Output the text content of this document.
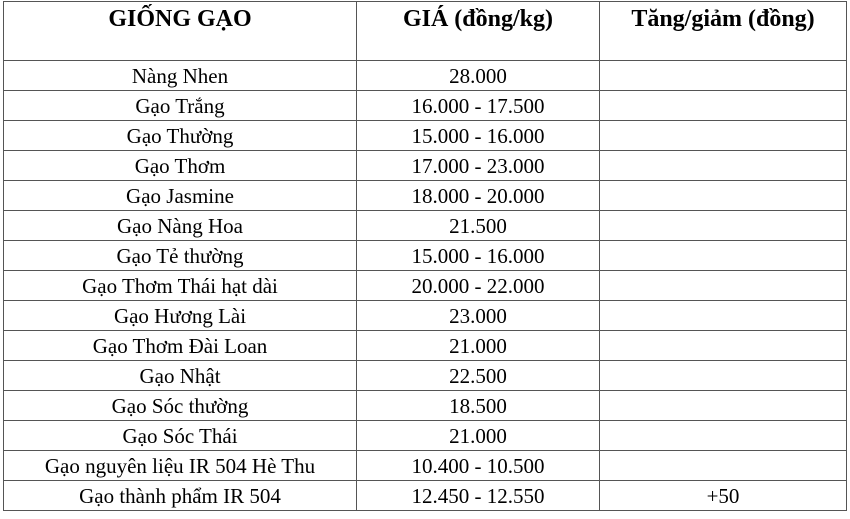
GIỐNG GẠO	GIÁ (đồng/kg)	Tăng/giảm (đồng)
Nàng Nhen	28.000	
Gạo Trắng	16.000 - 17.500	
Gạo Thường	15.000 - 16.000	
Gạo Thơm	17.000 - 23.000	
Gạo Jasmine	18.000 - 20.000	
Gạo Nàng Hoa	21.500	
Gạo Tẻ thường	15.000 - 16.000	
Gạo Thơm Thái hạt dài	20.000 - 22.000	
Gạo Hương Lài	23.000	
Gạo Thơm Đài Loan	21.000	
Gạo Nhật	22.500	
Gạo Sóc thường	18.500	
Gạo Sóc Thái	21.000	
Gạo nguyên liệu IR 504 Hè Thu	10.400 - 10.500	
Gạo thành phẩm IR 504	12.450 - 12.550	+50
